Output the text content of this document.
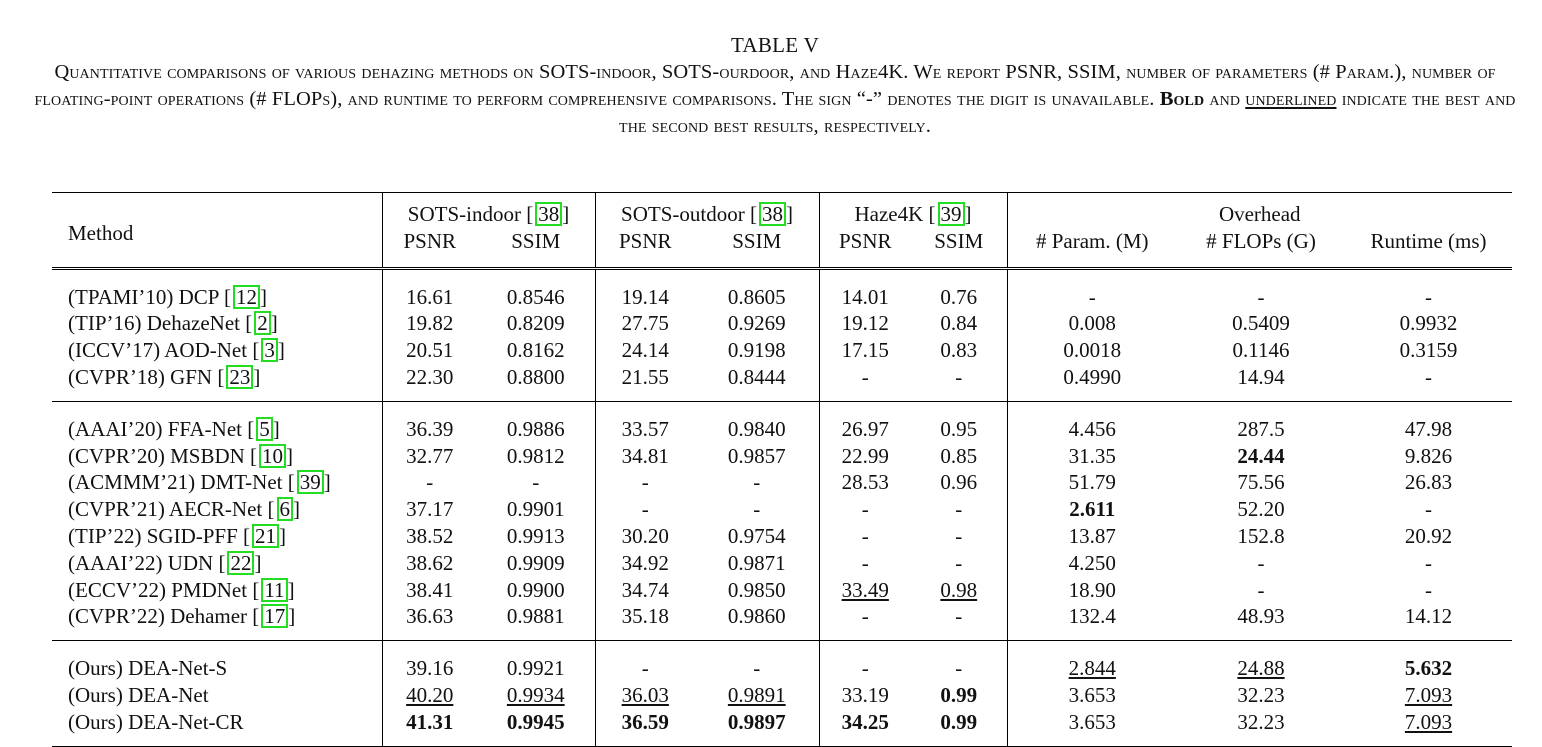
TABLE V
Quantitative comparisons of various dehazing methods on SOTS-indoor, SOTS-ourdoor, and Haze4K. We report PSNR, SSIM, number of parameters (# Param.), number of floating-point operations (# FLOPs), and runtime to perform comprehensive comparisons. The sign “-” denotes the digit is unavailable. Bold and underlined indicate the best and the second best results, respectively.
Method	SOTS-indoor [ 38 ]		SOTS-outdoor [ 38 ]		Haze4K [ 39 ]		Overhead		
	PSNR	SSIM	PSNR	SSIM	PSNR	SSIM	# Param. (M)	# FLOPs (G)	Runtime (ms)
(TPAMI’10) DCP [ 12 ]	16.61	0.8546	19.14	0.8605	14.01	0.76	-	-	-
(TIP’16) DehazeNet [ 2 ]	19.82	0.8209	27.75	0.9269	19.12	0.84	0.008	0.5409	0.9932
(ICCV’17) AOD-Net [ 3 ]	20.51	0.8162	24.14	0.9198	17.15	0.83	0.0018	0.1146	0.3159
(CVPR’18) GFN [ 23 ]	22.30	0.8800	21.55	0.8444	-	-	0.4990	14.94	-
(AAAI’20) FFA-Net [ 5 ]	36.39	0.9886	33.57	0.9840	26.97	0.95	4.456	287.5	47.98
(CVPR’20) MSBDN [ 10 ]	32.77	0.9812	34.81	0.9857	22.99	0.85	31.35	24.44	9.826
(ACMMM’21) DMT-Net [ 39 ]	-	-	-	-	28.53	0.96	51.79	75.56	26.83
(CVPR’21) AECR-Net [ 6 ]	37.17	0.9901	-	-	-	-	2.611	52.20	-
(TIP’22) SGID-PFF [ 21 ]	38.52	0.9913	30.20	0.9754	-	-	13.87	152.8	20.92
(AAAI’22) UDN [ 22 ]	38.62	0.9909	34.92	0.9871	-	-	4.250	-	-
(ECCV’22) PMDNet [ 11 ]	38.41	0.9900	34.74	0.9850	33.49	0.98	18.90	-	-
(CVPR’22) Dehamer [ 17 ]	36.63	0.9881	35.18	0.9860	-	-	132.4	48.93	14.12
(Ours) DEA-Net-S	39.16	0.9921	-	-	-	-	2.844	24.88	5.632
(Ours) DEA-Net	40.20	0.9934	36.03	0.9891	33.19	0.99	3.653	32.23	7.093
(Ours) DEA-Net-CR	41.31	0.9945	36.59	0.9897	34.25	0.99	3.653	32.23	7.093
